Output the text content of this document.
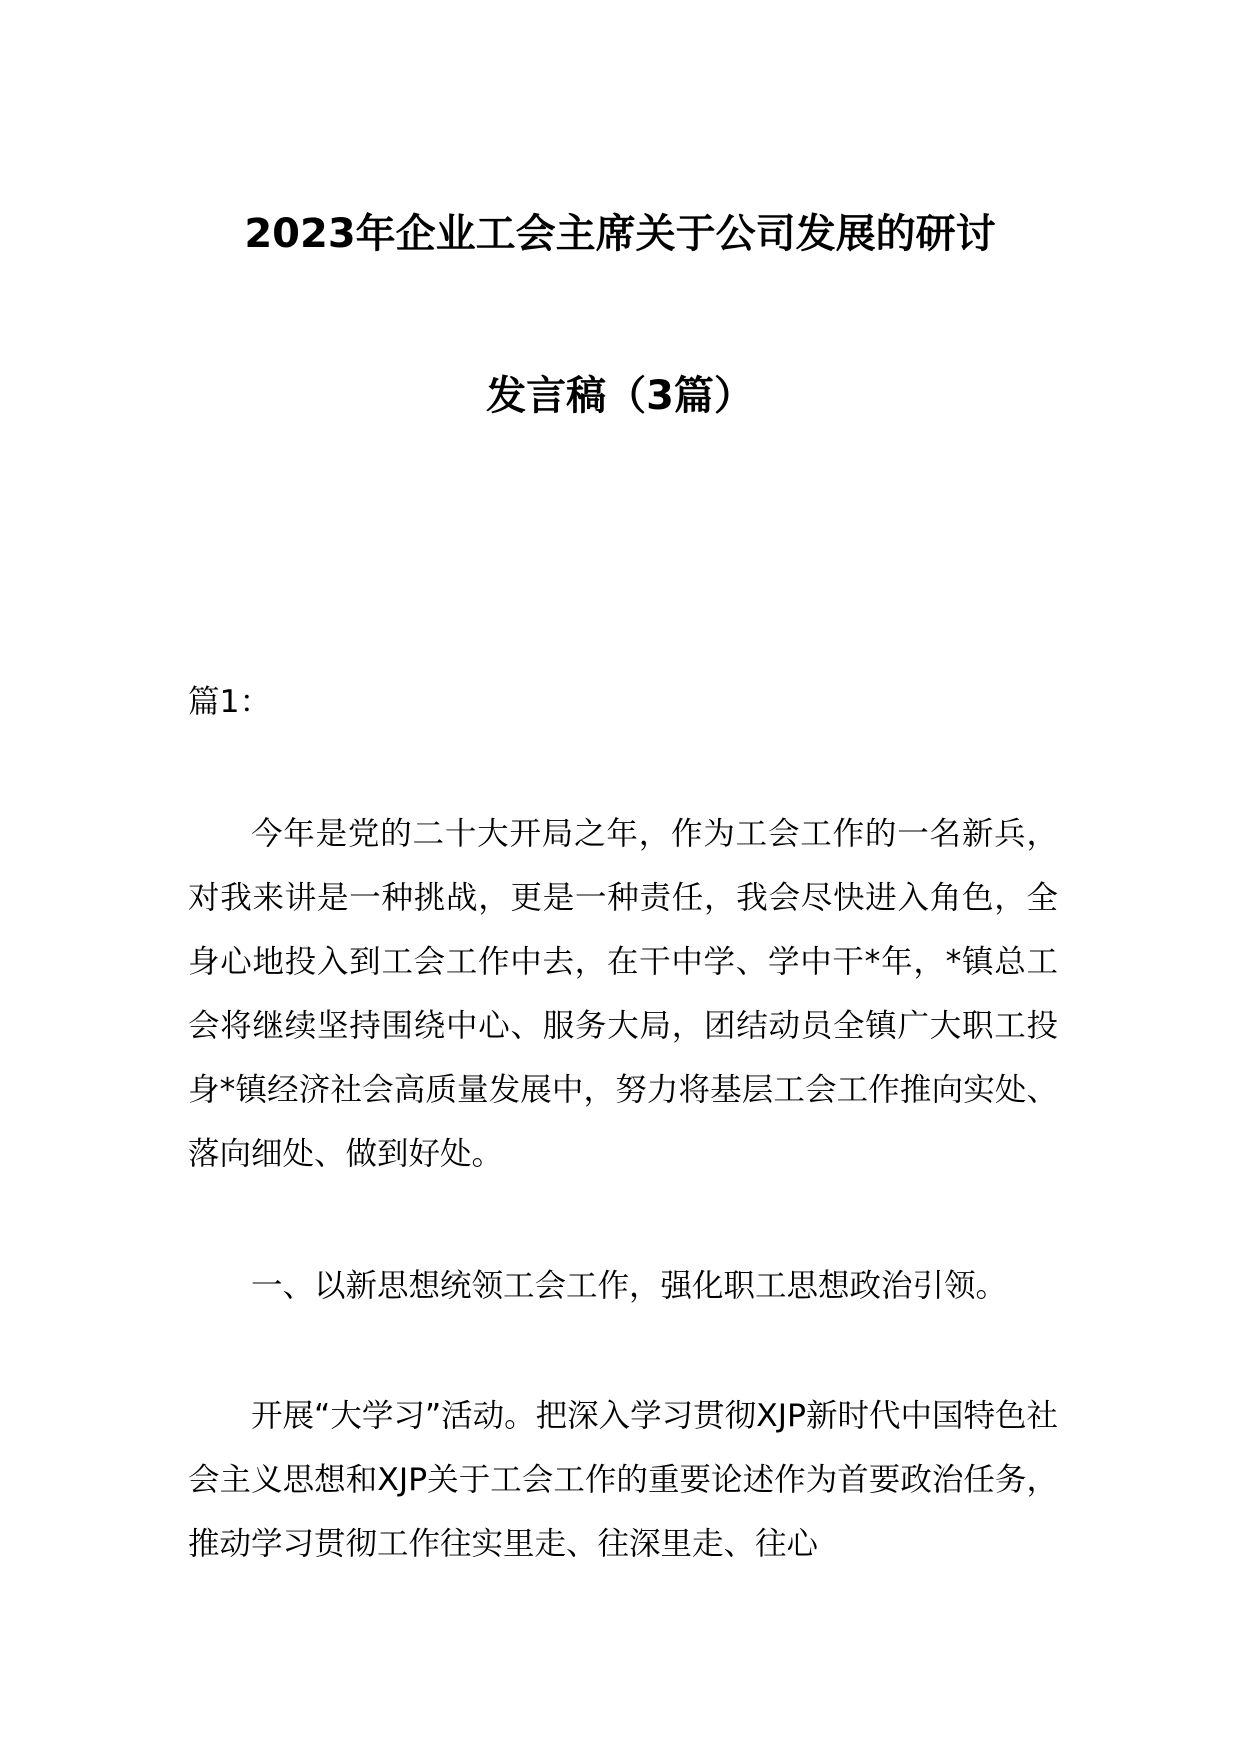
2023年企业工会主席关于公司发展的研讨
发言稿（3篇）
篇1：

今年是党的二十大开局之年，作为工会工作的一名新兵，对我来讲是一种挑战，更是一种责任，我会尽快进入角色，全身心地投入到工会工作中去，在干中学、学中干*年，*镇总工会将继续坚持围绕中心、服务大局，团结动员全镇广大职工投身*镇经济社会高质量发展中，努力将基层工会工作推向实处、落向细处、做到好处。

一、以新思想统领工会工作，强化职工思想政治引领。

开展“大学习”活动。把深入学习贯彻XJP新时代中国特色社会主义思想和XJP关于工会工作的重要论述作为首要政治任务，推动学习贯彻工作往实里走、往深里走、往心
